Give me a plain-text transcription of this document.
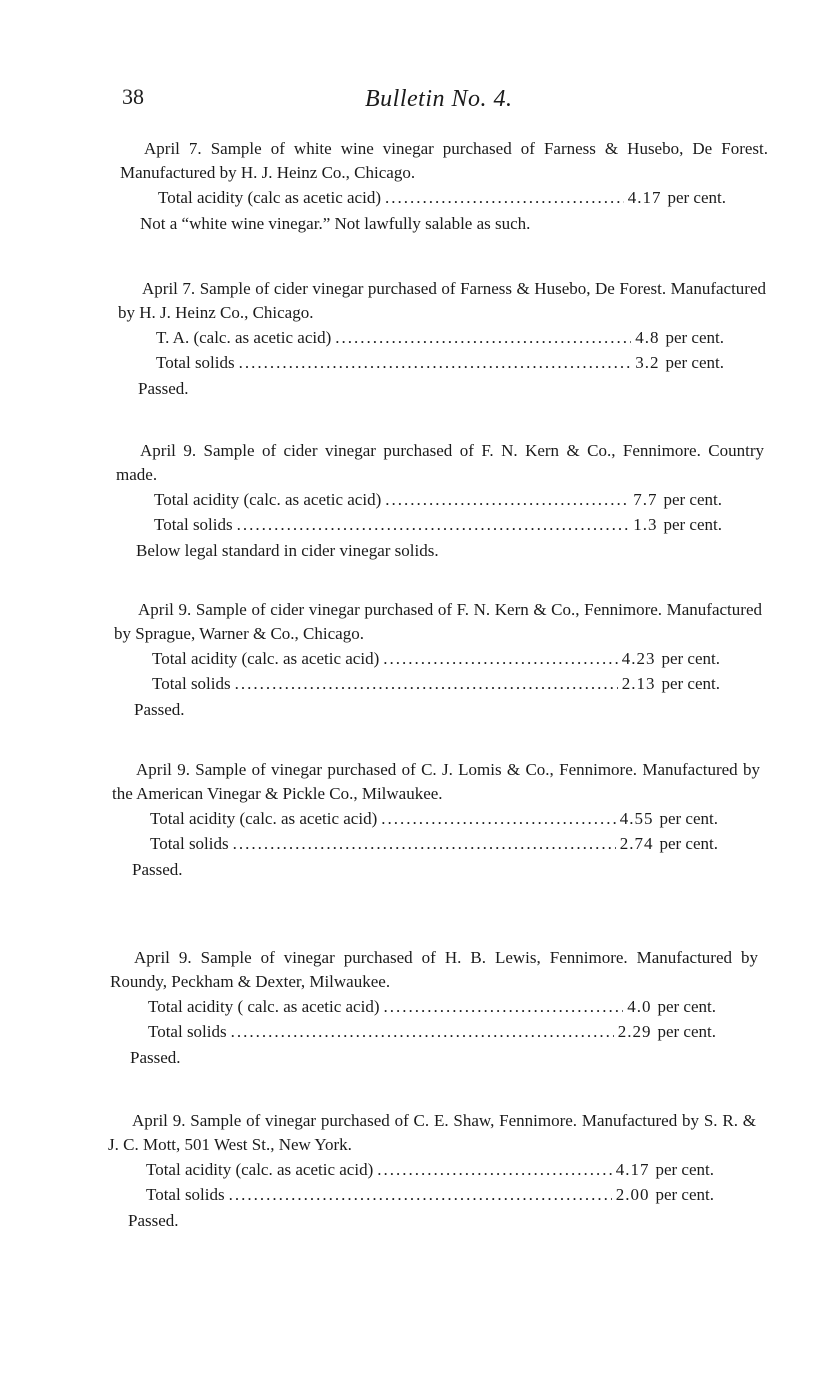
38	Bulletin No. 4.

April 7. Sample of white wine vinegar purchased of Farness & Husebo, De Forest. Manufactured by H. J. Heinz Co., Chicago.

Total acidity (calc as acetic acid) .....	4.17 per cent.
Not a “white wine vinegar.” Not lawfully salable as such.

April 7. Sample of cider vinegar purchased of Farness & Husebo, De Forest. Manufactured by H. J. Heinz Co., Chicago.

T. A. (calc. as acetic acid) .....	4.8 per cent.
Total solids .....	3.2 per cent.
Passed.

April 9. Sample of cider vinegar purchased of F. N. Kern & Co., Fennimore. Country made.

Total acidity (calc. as acetic acid) .....	7.7 per cent.
Total solids .....	1.3 per cent.
Below legal standard in cider vinegar solids.

April 9. Sample of cider vinegar purchased of F. N. Kern & Co., Fennimore. Manufactured by Sprague, Warner & Co., Chicago.

Total acidity (calc. as acetic acid) .....	4.23 per cent.
Total solids .....	2.13 per cent.
Passed.

April 9. Sample of vinegar purchased of C. J. Lomis & Co., Fennimore. Manufactured by the American Vinegar & Pickle Co., Milwaukee.

Total acidity (calc. as acetic acid) .....	4.55 per cent.
Total solids .....	2.74 per cent.
Passed.

April 9. Sample of vinegar purchased of H. B. Lewis, Fennimore. Manufactured by Roundy, Peckham & Dexter, Milwaukee.

Total acidity ( calc. as acetic acid) .....	4.0 per cent.
Total solids .....	2.29 per cent.
Passed.

April 9. Sample of vinegar purchased of C. E. Shaw, Fennimore. Manufactured by S. R. & J. C. Mott, 501 West St., New York.

Total acidity (calc. as acetic acid) .....	4.17 per cent.
Total solids .....	2.00 per cent.
Passed.
